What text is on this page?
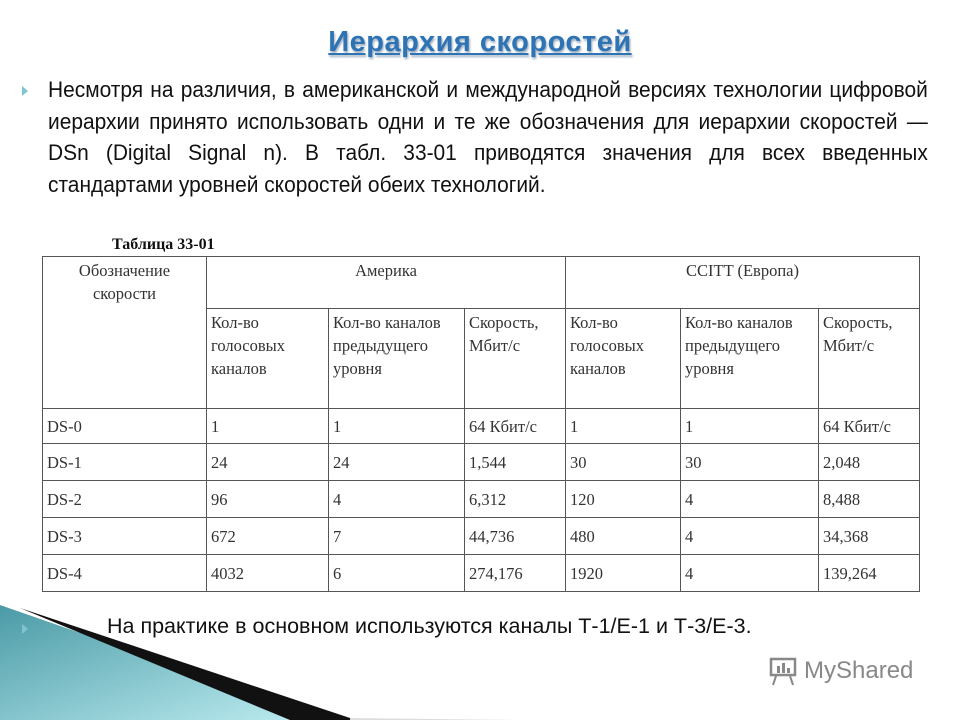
Иерархия скоростей
Несмотря на различия, в американской и международной версиях технологии цифровой иерархии принято использовать одни и те же обозначения для иерархии скоростей — DSn (Digital Signal n). В табл. 33-01 приводятся значения для всех введенных стандартами уровней скоростей обеих технологий.
Таблица 33-01
Обозначение скорости	Америка			CCITT (Европа)		
	Кол-во голосовых каналов	Кол-во каналов предыдущего уровня	Скорость, Мбит/с	Кол-во голосовых каналов	Кол-во каналов предыдущего уровня	Скорость, Мбит/с
DS-0	1	1	64 Кбит/с	1	1	64 Кбит/с
DS-1	24	24	1,544	30	30	2,048
DS-2	96	4	6,312	120	4	8,488
DS-3	672	7	44,736	480	4	34,368
DS-4	4032	6	274,176	1920	4	139,264
На практике в основном используются каналы Т-1/Е-1 и Т-3/Е-3.
MyShared
